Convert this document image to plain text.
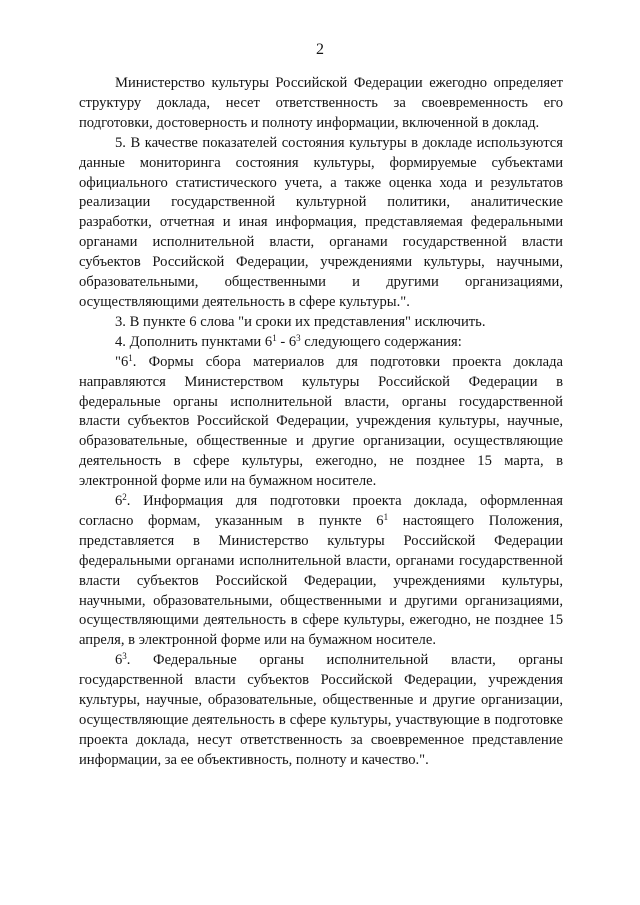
2

Министерство культуры Российской Федерации ежегодно определяет структуру доклада, несет ответственность за своевременность его подготовки, достоверность и полноту информации, включенной в доклад.

5. В качестве показателей состояния культуры в докладе используются данные мониторинга состояния культуры, формируемые субъектами официального статистического учета, а также оценка хода и результатов реализации государственной культурной политики, аналитические разработки, отчетная и иная информация, представляемая федеральными органами исполнительной власти, органами государственной власти субъектов Российской Федерации, учреждениями культуры, научными, образовательными, общественными и другими организациями, осуществляющими деятельность в сфере культуры.".

3. В пункте 6 слова "и сроки их представления" исключить.

4. Дополнить пунктами $6^1 - 6^3$ следующего содержания:

"$6^1$. Формы сбора материалов для подготовки проекта доклада направляются Министерством культуры Российской Федерации в федеральные органы исполнительной власти, органы государственной власти субъектов Российской Федерации, учреждения культуры, научные, образовательные, общественные и другие организации, осуществляющие деятельность в сфере культуры, ежегодно, не позднее 15 марта, в электронной форме или на бумажном носителе.

$6^2$. Информация для подготовки проекта доклада, оформленная согласно формам, указанным в пункте $6^1$ настоящего Положения, представляется в Министерство культуры Российской Федерации федеральными органами исполнительной власти, органами государственной власти субъектов Российской Федерации, учреждениями культуры, научными, образовательными, общественными и другими организациями, осуществляющими деятельность в сфере культуры, ежегодно, не позднее 15 апреля, в электронной форме или на бумажном носителе.

$6^3$. Федеральные органы исполнительной власти, органы государственной власти субъектов Российской Федерации, учреждения культуры, научные, образовательные, общественные и другие организации, осуществляющие деятельность в сфере культуры, участвующие в подготовке проекта доклада, несут ответственность за своевременное представление информации, за ее объективность, полноту и качество.".
